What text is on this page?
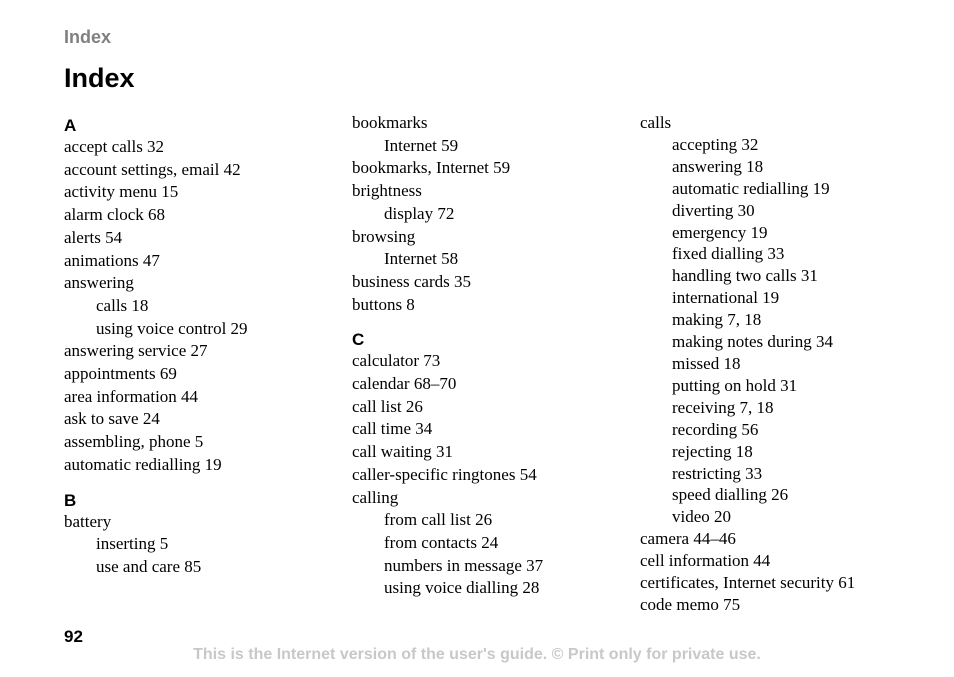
Index
Index
A
accept calls 32
account settings, email 42
activity menu 15
alarm clock 68
alerts 54
animations 47
answering
calls 18
using voice control 29
answering service 27
appointments 69
area information 44
ask to save 24
assembling, phone 5
automatic redialling 19
B
battery
inserting 5
use and care 85
bookmarks
Internet 59
bookmarks, Internet 59
brightness
display 72
browsing
Internet 58
business cards 35
buttons 8
C
calculator 73
calendar 68–70
call list 26
call time 34
call waiting 31
caller-specific ringtones 54
calling
from call list 26
from contacts 24
numbers in message 37
using voice dialling 28
calls
accepting 32
answering 18
automatic redialling 19
diverting 30
emergency 19
fixed dialling 33
handling two calls 31
international 19
making 7, 18
making notes during 34
missed 18
putting on hold 31
receiving 7, 18
recording 56
rejecting 18
restricting 33
speed dialling 26
video 20
camera 44–46
cell information 44
certificates, Internet security 61
code memo 75
92
This is the Internet version of the user's guide. © Print only for private use.
